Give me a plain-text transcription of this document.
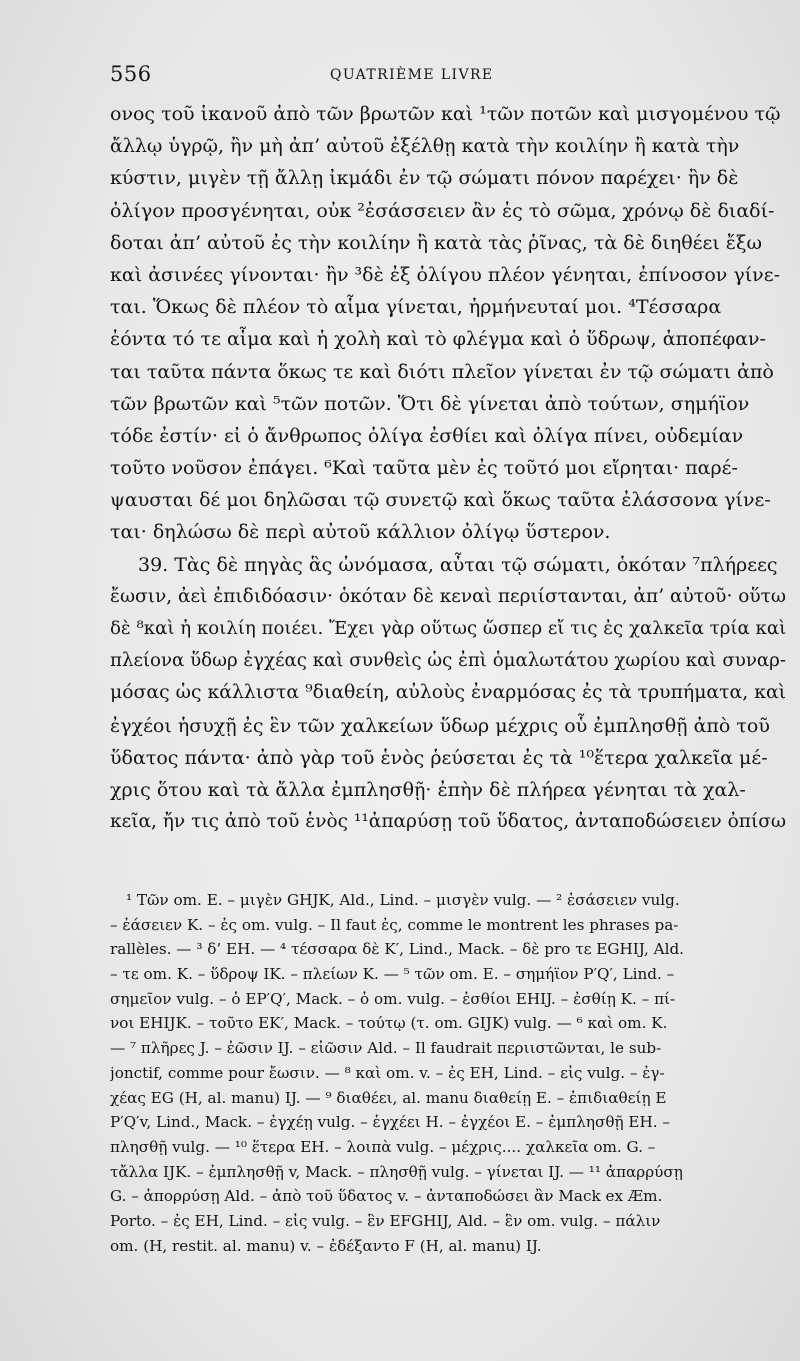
556	QUATRIÈME LIVRE
ονος τοῦ ἱκανοῦ ἀπὸ τῶν βρωτῶν καὶ ¹τῶν ποτῶν καὶ μισγομένου τῷ
ἄλλῳ ὑγρῷ, ἢν μὴ ἀπ’ αὐτοῦ ἐξέλθῃ κατὰ τὴν κοιλίην ἢ κατὰ τὴν
κύστιν, μιγὲν τῇ ἄλλῃ ἰκμάδι ἐν τῷ σώματι πόνον παρέχει· ἢν δὲ
ὀλίγον προσγένηται, οὐκ ²ἐσάσσειεν ἂν ἐς τὸ σῶμα, χρόνῳ δὲ διαδί-
δοται ἀπ’ αὐτοῦ ἐς τὴν κοιλίην ἢ κατὰ τὰς ῥῖνας, τὰ δὲ διηθέει ἔξω
καὶ ἀσινέες γίνονται· ἢν ³δὲ ἐξ ὀλίγου πλέον γένηται, ἐπίνοσον γίνε-
ται. Ὅκως δὲ πλέον τὸ αἷμα γίνεται, ἡρμήνευταί μοι. ⁴Τέσσαρα
ἐόντα τό τε αἷμα καὶ ἡ χολὴ καὶ τὸ φλέγμα καὶ ὁ ὕδρωψ, ἀποπέφαν-
ται ταῦτα πάντα ὅκως τε καὶ διότι πλεῖον γίνεται ἐν τῷ σώματι ἀπὸ
τῶν βρωτῶν καὶ ⁵τῶν ποτῶν. Ὅτι δὲ γίνεται ἀπὸ τούτων, σημήϊον
τόδε ἐστίν· εἰ ὁ ἄνθρωπος ὀλίγα ἐσθίει καὶ ὀλίγα πίνει, οὐδεμίαν
τοῦτο νοῦσον ἐπάγει. ⁶Καὶ ταῦτα μὲν ἐς τοῦτό μοι εἴρηται· παρέ-
ψαυσται δέ μοι δηλῶσαι τῷ συνετῷ καὶ ὅκως ταῦτα ἐλάσσονα γίνε-
ται· δηλώσω δὲ περὶ αὐτοῦ κάλλιον ὀλίγῳ ὕστερον.
39. Τὰς δὲ πηγὰς ἃς ὠνόμασα, αὗται τῷ σώματι, ὁκόταν ⁷πλήρεες
ἔωσιν, ἀεὶ ἐπιδιδόασιν· ὁκόταν δὲ κεναὶ περιίστανται, ἀπ’ αὐτοῦ· οὕτω
δὲ ⁸καὶ ἡ κοιλίη ποιέει. Ἔχει γὰρ οὕτως ὥσπερ εἴ τις ἐς χαλκεῖα τρία καὶ
πλείονα ὕδωρ ἐγχέας καὶ συνθεὶς ὡς ἐπὶ ὁμαλωτάτου χωρίου καὶ συναρ-
μόσας ὡς κάλλιστα ⁹διαθείη, αὐλοὺς ἐναρμόσας ἐς τὰ τρυπήματα, καὶ
ἐγχέοι ἡσυχῇ ἐς ἓν τῶν χαλκείων ὕδωρ μέχρις οὗ ἐμπλησθῇ ἀπὸ τοῦ
ὕδατος πάντα· ἀπὸ γὰρ τοῦ ἑνὸς ῥεύσεται ἐς τὰ ¹⁰ἕτερα χαλκεῖα μέ-
χρις ὅτου καὶ τὰ ἄλλα ἐμπλησθῇ· ἐπὴν δὲ πλήρεα γένηται τὰ χαλ-
κεῖα, ἤν τις ἀπὸ τοῦ ἑνὸς ¹¹ἀπαρύσῃ τοῦ ὕδατος, ἀνταποδώσειεν ὀπίσω
¹ Τῶν om. E. – μιγὲν GHJK, Ald., Lind. – μισγὲν vulg. — ² ἐσάσειεν vulg.
– ἐάσειεν K. – ἐς om. vulg. – Il faut ἐς, comme le montrent les phrases pa-
rallèles. — ³ δ’ EH. — ⁴ τέσσαρα δὲ K′, Lind., Mack. – δὲ pro τε EGHIJ, Ald.
– τε om. K. – ὕδροψ IK. – πλείων K. — ⁵ τῶν om. E. – σημήϊον P′Q′, Lind. –
σημεῖον vulg. – ὁ EP′Q′, Mack. – ὁ om. vulg. – ἐσθίοι EHIJ. – ἐσθίῃ K. – πί-
νοι EHIJK. – τοῦτο EK′, Mack. – τούτῳ (τ. om. GIJK) vulg. — ⁶ καὶ om. K.
— ⁷ πλῆρες J. – ἐῶσιν IJ. – εἰῶσιν Ald. – Il faudrait περιιστῶνται, le sub-
jonctif, comme pour ἔωσιν. — ⁸ καὶ om. v. – ἐς EH, Lind. – εἰς vulg. – ἐγ-
χέας EG (H, al. manu) IJ. — ⁹ διαθέει, al. manu διαθείῃ E. – ἐπιδιαθείῃ E
P′Q′v, Lind., Mack. – ἐγχέῃ vulg. – ἐγχέει H. – ἐγχέοι E. – ἐμπλησθῇ EH. –
πλησθῇ vulg. — ¹⁰ ἕτερα EH. – λοιπὰ vulg. – μέχρις.... χαλκεῖα om. G. –
τἄλλα IJK. – ἐμπλησθῇ v, Mack. – πλησθῇ vulg. – γίνεται IJ. — ¹¹ ἀπαρρύσῃ
G. – ἀπορρύσῃ Ald. – ἀπὸ τοῦ ὕδατος v. – ἀνταποδώσει ἂν Mack ex Æm.
Porto. – ἐς EH, Lind. – εἰς vulg. – ἓν EFGHIJ, Ald. – ἓν om. vulg. – πάλιν
om. (H, restit. al. manu) v. – ἐδέξαντο F (H, al. manu) IJ.
